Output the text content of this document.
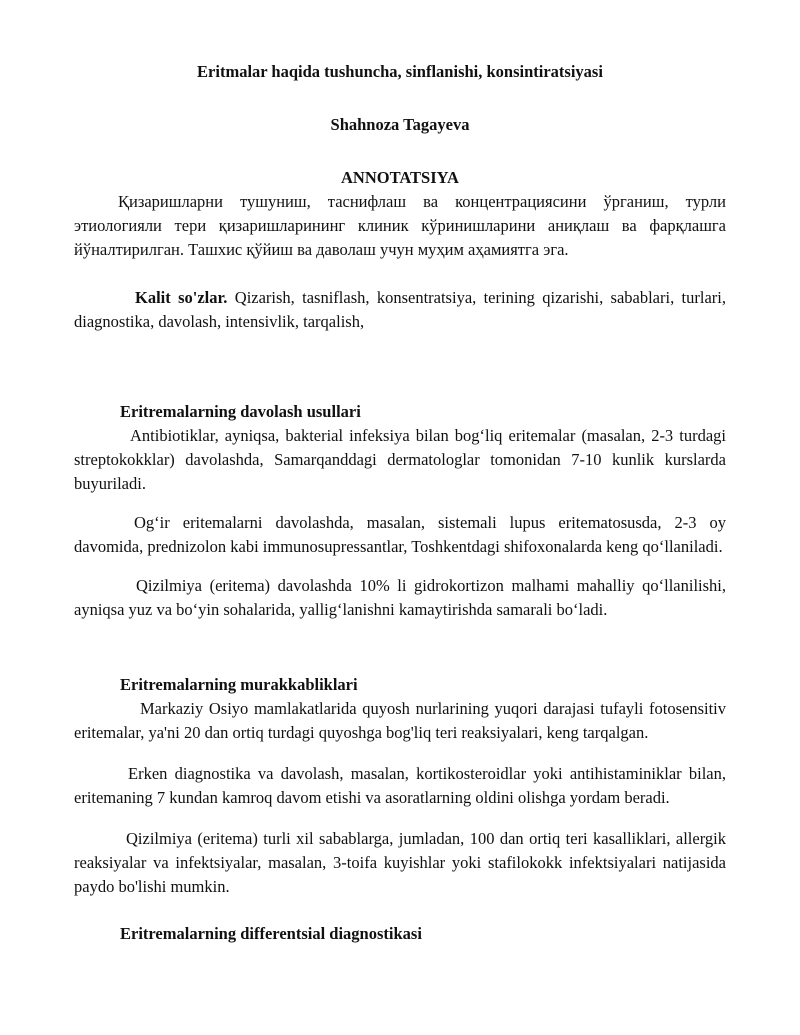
Eritmalar haqida tushuncha, sinflanishi, konsintiratsiyasi

Shahnoza Tagayeva

ANNOTATSIYA

Қизаришларни тушуниш, таснифлаш ва концентрациясини ўрганиш, турли этиологияли тери қизаришларининг клиник кўринишларини аниқлаш ва фарқлашга йўналтирилган. Ташхис қўйиш ва даволаш учун муҳим аҳамиятга эга.

Kalit so'zlar. Qizarish, tasniflash, konsentratsiya, terining qizarishi, sabablari, turlari, diagnostika, davolash, intensivlik, tarqalish,

Eritremalarning davolash usullari

Antibiotiklar, ayniqsa, bakterial infeksiya bilan bog‘liq eritemalar (masalan, 2-3 turdagi streptokokklar) davolashda, Samarqanddagi dermatologlar tomonidan 7-10 kunlik kurslarda buyuriladi.

Og‘ir eritemalarni davolashda, masalan, sistemali lupus eritematosusda, 2-3 oy davomida, prednizolon kabi immunosupressantlar, Toshkentdagi shifoxonalarda keng qo‘llaniladi.

Qizilmiya (eritema) davolashda 10% li gidrokortizon malhami mahalliy qo‘llanilishi, ayniqsa yuz va bo‘yin sohalarida, yallig‘lanishni kamaytirishda samarali bo‘ladi.

Eritremalarning murakkabliklari

Markaziy Osiyo mamlakatlarida quyosh nurlarining yuqori darajasi tufayli fotosensitiv eritemalar, ya'ni 20 dan ortiq turdagi quyoshga bog'liq teri reaksiyalari, keng tarqalgan.

Erken diagnostika va davolash, masalan, kortikosteroidlar yoki antihistaminiklar bilan, eritemaning 7 kundan kamroq davom etishi va asoratlarning oldini olishga yordam beradi.

Qizilmiya (eritema) turli xil sabablarga, jumladan, 100 dan ortiq teri kasalliklari, allergik reaksiyalar va infektsiyalar, masalan, 3-toifa kuyishlar yoki stafilokokk infektsiyalari natijasida paydo bo'lishi mumkin.

Eritremalarning differentsial diagnostikasi
